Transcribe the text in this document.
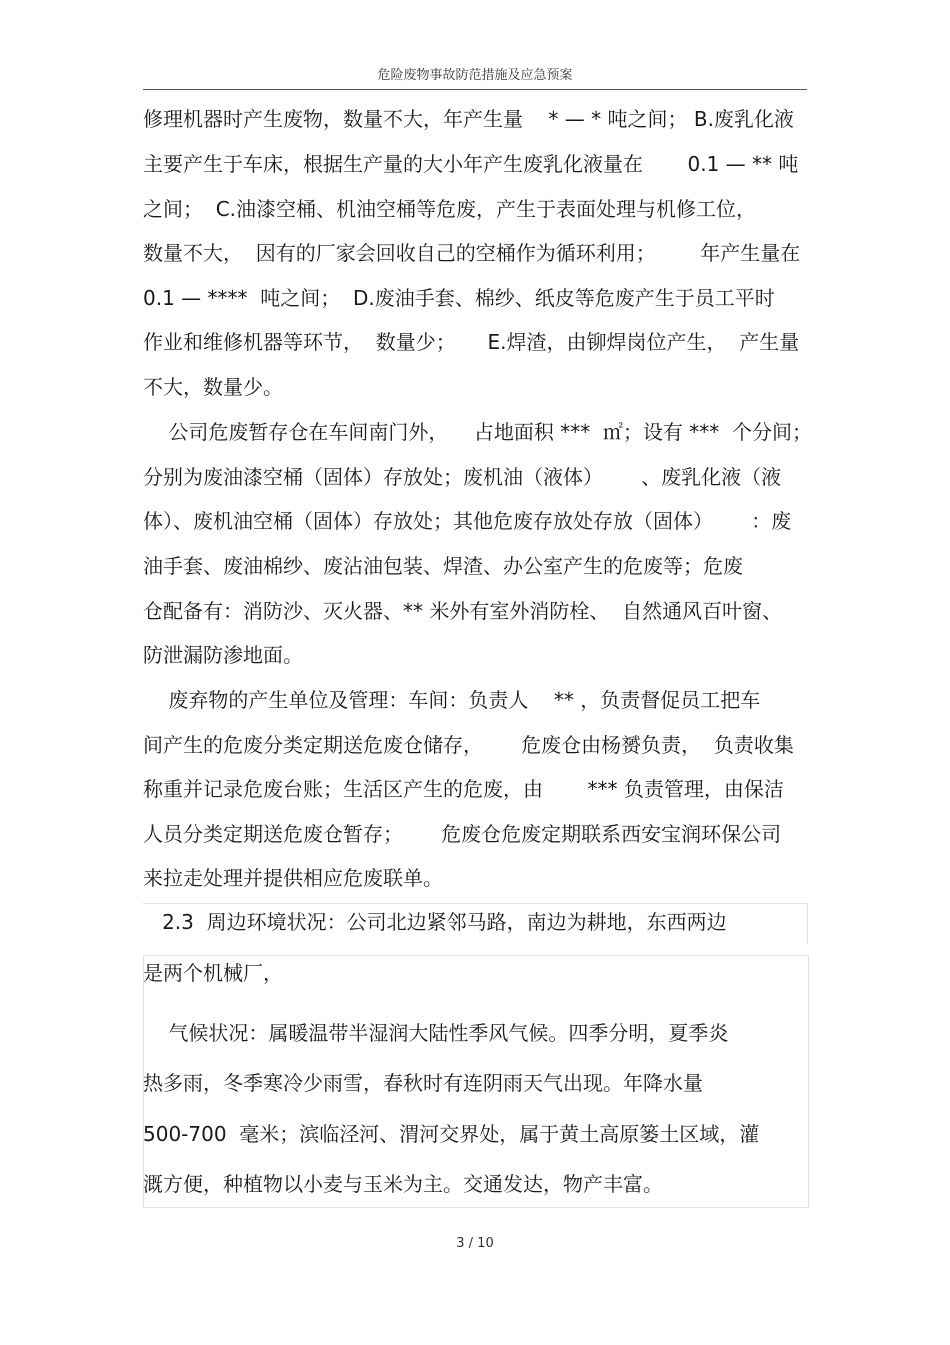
危险废物事故防范措施及应急预案
修理机器时产生废物，数量不大，年产生量    * — * 吨之间； B.废乳化液
主要产生于车床，根据生产量的大小年产生废乳化液量在       0.1 — ** 吨
之间；  C.油漆空桶、机油空桶等危废，产生于表面处理与机修工位，
数量不大，  因有的厂家会回收自己的空桶作为循环利用；       年产生量在
0.1 — ****  吨之间；  D.废油手套、棉纱、纸皮等危废产生于员工平时
作业和维修机器等环节，  数量少；     E.焊渣，由铆焊岗位产生，  产生量
不大，数量少。
公司危废暂存仓在车间南门外，    占地面积 ***  ㎡；设有 ***  个分间；
分别为废油漆空桶（固体）存放处；废机油（液体）      、废乳化液（液
体）、废机油空桶（固体）存放处；其他危废存放处存放（固体）      ：废
油手套、废油棉纱、废沾油包装、焊渣、办公室产生的危废等；危废
仓配备有：消防沙、灭火器、** 米外有室外消防栓、  自然通风百叶窗、
防泄漏防渗地面。
废弃物的产生单位及管理：车间：负责人    ** ，负责督促员工把车
间产生的危废分类定期送危废仓储存，      危废仓由杨赟负责，  负责收集
称重并记录危废台账；生活区产生的危废，由       *** 负责管理，由保洁
人员分类定期送危废仓暂存；      危废仓危废定期联系西安宝润环保公司
来拉走处理并提供相应危废联单。
2.3  周边环境状况：公司北边紧邻马路，南边为耕地，东西两边
是两个机械厂，
气候状况：属暖温带半湿润大陆性季风气候。四季分明，夏季炎
热多雨，冬季寒冷少雨雪，春秋时有连阴雨天气出现。年降水量
500-700  毫米；滨临泾河、渭河交界处，属于黄土高原篓土区域，灌
溉方便，种植物以小麦与玉米为主。交通发达，物产丰富。
3 / 10
